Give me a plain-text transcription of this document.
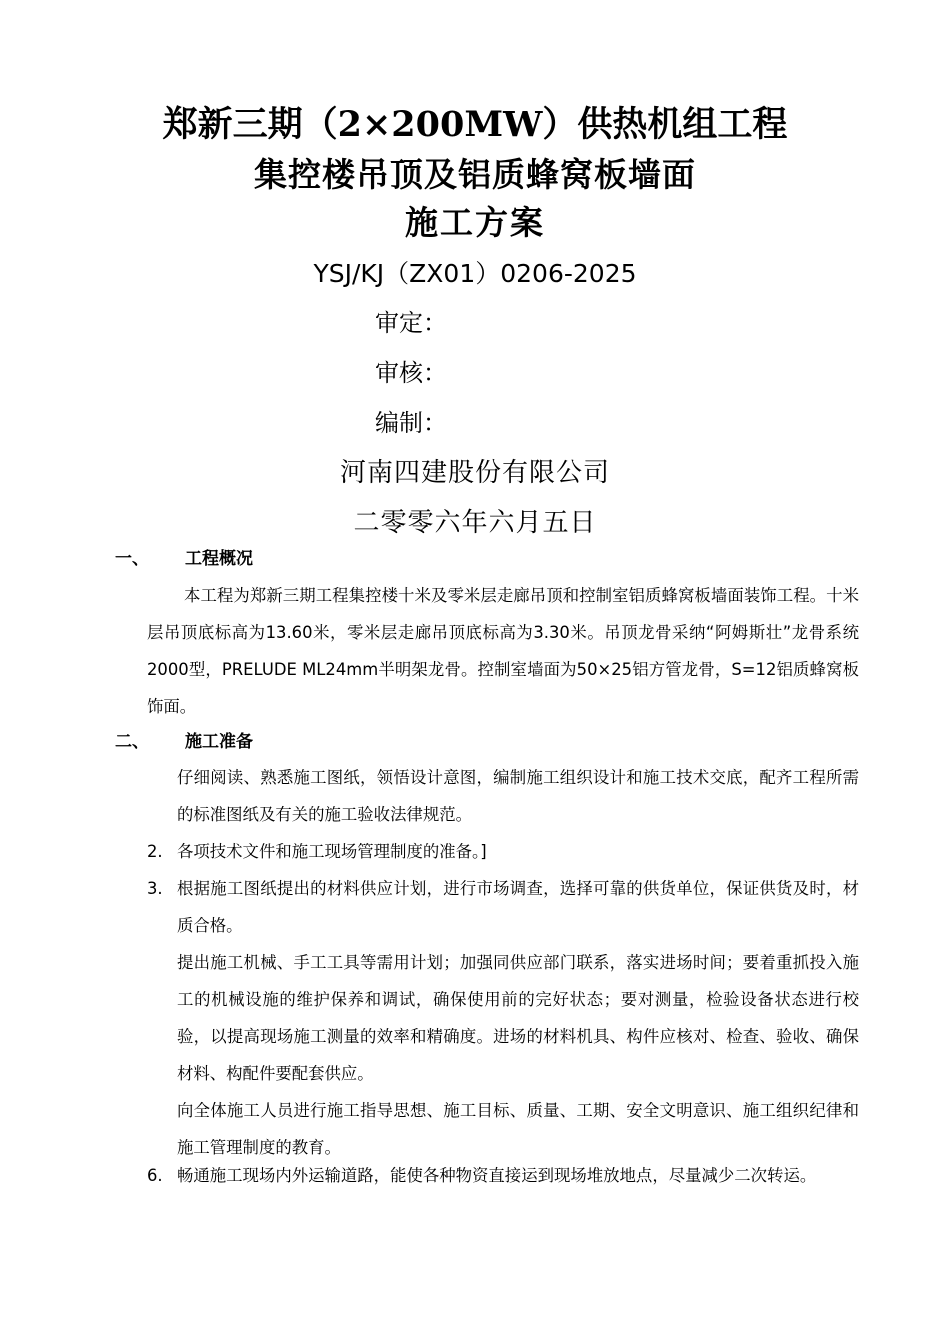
郑新三期（2×200MW）供热机组工程
集控楼吊顶及铝质蜂窝板墙面
施工方案
YSJ/KJ（ZX01）0206-2025
审定：
审核：
编制：
河南四建股份有限公司
二零零六年六月五日
一、 工程概况
本工程为郑新三期工程集控楼十米及零米层走廊吊顶和控制室铝质蜂窝板墙面装饰工程。十米层吊顶底标高为13.60米，零米层走廊吊顶底标高为3.30米。吊顶龙骨采纳“阿姆斯壮”龙骨系统2000型，PRELUDE ML24mm半明架龙骨。控制室墙面为50×25铝方管龙骨，S=12铝质蜂窝板饰面。
二、 施工准备
仔细阅读、熟悉施工图纸，领悟设计意图，编制施工组织设计和施工技术交底，配齐工程所需的标准图纸及有关的施工验收法律规范。
2. 各项技术文件和施工现场管理制度的准备。]
3. 根据施工图纸提出的材料供应计划，进行市场调查，选择可靠的供货单位，保证供货及时，材质合格。
提出施工机械、手工工具等需用计划；加强同供应部门联系，落实进场时间；要着重抓投入施工的机械设施的维护保养和调试，确保使用前的完好状态；要对测量，检验设备状态进行校验，以提高现场施工测量的效率和精确度。进场的材料机具、构件应核对、检查、验收、确保材料、构配件要配套供应。
向全体施工人员进行施工指导思想、施工目标、质量、工期、安全文明意识、施工组织纪律和施工管理制度的教育。
6. 畅通施工现场内外运输道路，能使各种物资直接运到现场堆放地点，尽量减少二次转运。
